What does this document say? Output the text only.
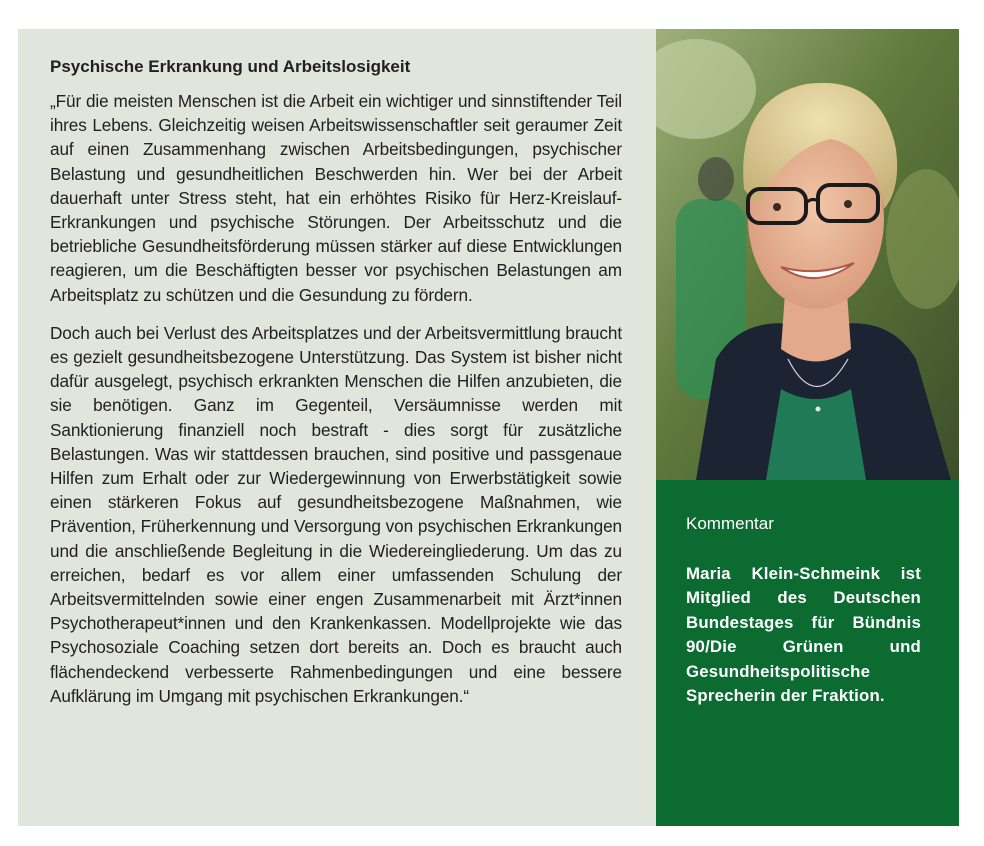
Psychische Erkrankung und Arbeitslosigkeit

„Für die meisten Menschen ist die Arbeit ein wichtiger und sinnstiftender Teil ihres Lebens. Gleichzeitig weisen Arbeitswissenschaftler seit geraumer Zeit auf einen Zusammenhang zwischen Arbeitsbedingungen, psychischer Belastung und gesundheitlichen Beschwerden hin. Wer bei der Arbeit dauerhaft unter Stress steht, hat ein erhöhtes Risiko für Herz-Kreislauf-Erkrankungen und psychische Störungen. Der Arbeitsschutz und die betriebliche Gesundheitsförderung müssen stärker auf diese Entwicklungen reagieren, um die Beschäftigten besser vor psychischen Belastungen am Arbeitsplatz zu schützen und die Gesundung zu fördern.

Doch auch bei Verlust des Arbeitsplatzes und der Arbeitsvermittlung braucht es gezielt gesundheitsbezogene Unterstützung. Das System ist bisher nicht dafür ausgelegt, psychisch erkrankten Menschen die Hilfen anzubieten, die sie benötigen. Ganz im Gegenteil, Versäumnisse werden mit Sanktionierung finanziell noch bestraft - dies sorgt für zusätzliche Belastungen. Was wir stattdessen brauchen, sind positive und passgenaue Hilfen zum Erhalt oder zur Wiedergewinnung von Erwerbstätigkeit sowie einen stärkeren Fokus auf gesundheitsbezogene Maßnahmen, wie Prävention, Früherkennung und Versorgung von psychischen Erkrankungen und die anschließende Begleitung in die Wiedereingliederung. Um das zu erreichen, bedarf es vor allem einer umfassenden Schulung der Arbeitsvermittelnden sowie einer engen Zusammenarbeit mit Ärzt*innen Psychotherapeut*innen und den Krankenkassen. Modellprojekte wie das Psychosoziale Coaching setzen dort bereits an. Doch es braucht auch flächendeckend verbesserte Rahmenbedingungen und eine bessere Aufklärung im Umgang mit psychischen Erkrankungen.“

Kommentar

Maria Klein-Schmeink ist Mitglied des Deutschen Bundestages für Bündnis 90/Die Grünen und Gesundheitspolitische Sprecherin der Fraktion.
